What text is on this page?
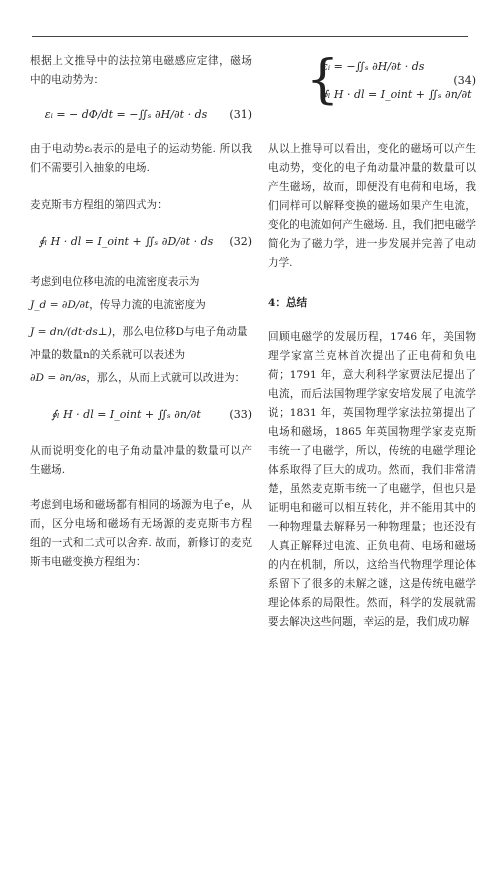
根据上文推导中的法拉第电磁感应定律，磁场中的电动势为：

εᵢ = − dΦ/dt = −∬ₛ ∂H/∂t · ds	(31)

由于电动势εᵢ表示的是电子的运动势能. 所以我们不需要引入抽象的电场.

麦克斯韦方程组的第四式为：

∮ₗ H · dl = I_oint + ∬ₛ ∂D/∂t · ds	(32)

考虑到电位移电流的电流密度表示为

J_d = ∂D/∂t，传导力流的电流密度为

J = dn/(dt·ds⊥)，那么电位移D与电子角动量

冲量的数量n的关系就可以表述为

∂D = ∂n/∂s，那么，从而上式就可以改进为：

∮ₗ H · dl = I_oint + ∬ₛ ∂n/∂t	(33)

从而说明变化的电子角动量冲量的数量可以产生磁场.

考虑到电场和磁场都有相同的场源为电子e，从而，区分电场和磁场有无场源的麦克斯韦方程组的一式和二式可以舍弃. 故而，新修订的麦克斯韦电磁变换方程组为：

{
εᵢ = −∬ₛ ∂H/∂t · ds
∮ₗ H · dl = I_oint + ∬ₛ ∂n/∂t
(34)

从以上推导可以看出，变化的磁场可以产生电动势，变化的电子角动量冲量的数量可以产生磁场，故而，即便没有电荷和电场，我们同样可以解释变换的磁场如果产生电流，变化的电流如何产生磁场. 且，我们把电磁学简化为了磁力学，进一步发展并完善了电动力学.

4：总结

回顾电磁学的发展历程，1746 年，美国物理学家富兰克林首次提出了正电荷和负电荷；1791 年，意大利科学家贾法尼提出了电流，而后法国物理学家安培发展了电流学说；1831 年，英国物理学家法拉第提出了电场和磁场，1865 年英国物理学家麦克斯韦统一了电磁学，所以，传统的电磁学理论体系取得了巨大的成功。然而，我们非常清楚，虽然麦克斯韦统一了电磁学，但也只是证明电和磁可以相互转化，并不能用其中的一种物理量去解释另一种物理量；也还没有人真正解释过电流、正负电荷、电场和磁场的内在机制，所以，这给当代物理学理论体系留下了很多的未解之谜，这是传统电磁学理论体系的局限性。然而，科学的发展就需要去解决这些问题，幸运的是，我们成功解
